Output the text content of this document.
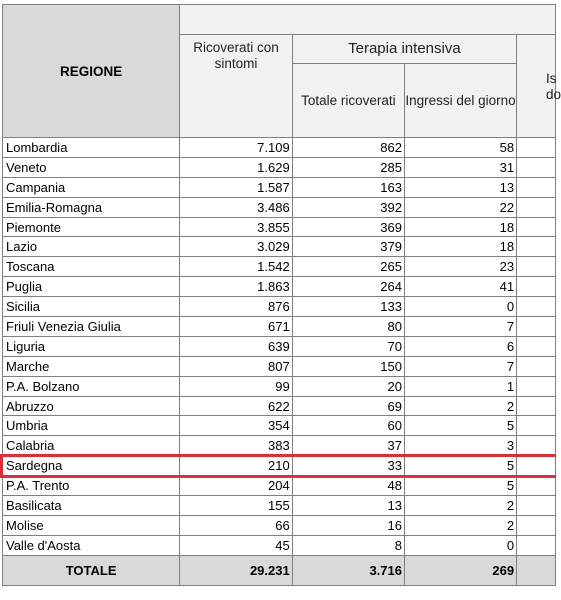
REGIONE				
	Ricoverati con sintomi	Terapia intensiva		
		Totale ricoverati	Ingressi del giorno	
Lombardia	7.109	862	58	
Veneto	1.629	285	31	
Campania	1.587	163	13	
Emilia-Romagna	3.486	392	22	
Piemonte	3.855	369	18	
Lazio	3.029	379	18	
Toscana	1.542	265	23	
Puglia	1.863	264	41	
Sicilia	876	133	0	
Friuli Venezia Giulia	671	80	7	
Liguria	639	70	6	
Marche	807	150	7	
P.A. Bolzano	99	20	1	
Abruzzo	622	69	2	
Umbria	354	60	5	
Calabria	383	37	3	
Sardegna	210	33	5	
P.A. Trento	204	48	5	
Basilicata	155	13	2	
Molise	66	16	2	
Valle d'Aosta	45	8	0	
TOTALE	29.231	3.716	269	
Is
do
